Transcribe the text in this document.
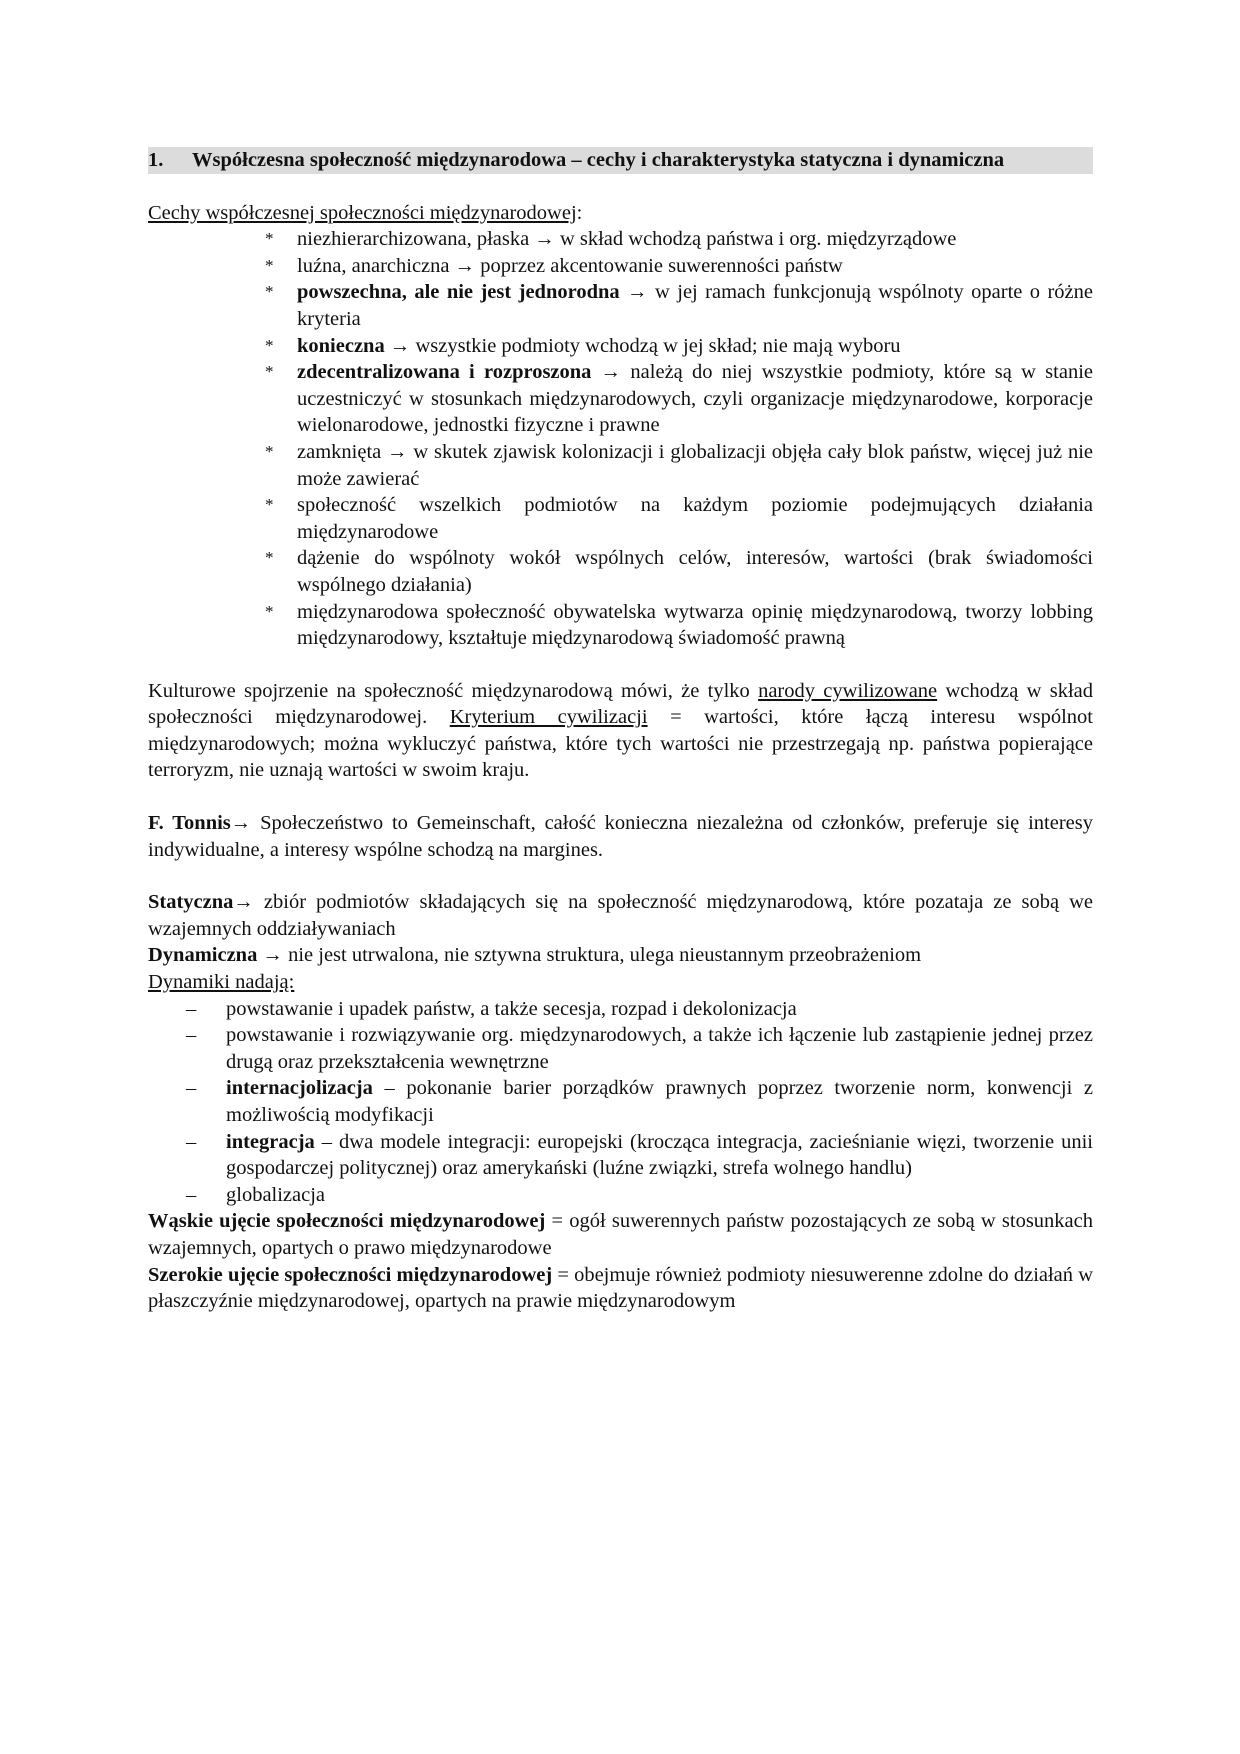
1.	Współczesna społeczność międzynarodowa – cechy i charakterystyka statyczna i dynamiczna

Cechy współczesnej społeczności międzynarodowej:

* niezhierarchizowana, płaska → w skład wchodzą państwa i org. międzyrządowe
* luźna, anarchiczna → poprzez akcentowanie suwerenności państw
* powszechna, ale nie jest jednorodna → w jej ramach funkcjonują wspólnoty oparte o różne kryteria
* konieczna → wszystkie podmioty wchodzą w jej skład; nie mają wyboru
* zdecentralizowana i rozproszona → należą do niej wszystkie podmioty, które są w stanie uczestniczyć w stosunkach międzynarodowych, czyli organizacje międzynarodowe, korporacje wielonarodowe, jednostki fizyczne i prawne
* zamknięta → w skutek zjawisk kolonizacji i globalizacji objęła cały blok państw, więcej już nie może zawierać
* społeczność wszelkich podmiotów na każdym poziomie podejmujących działania międzynarodowe
* dążenie do wspólnoty wokół wspólnych celów, interesów, wartości (brak świadomości wspólnego działania)
* międzynarodowa społeczność obywatelska wytwarza opinię międzynarodową, tworzy lobbing międzynarodowy, kształtuje międzynarodową świadomość prawną

Kulturowe spojrzenie na społeczność międzynarodową mówi, że tylko narody cywilizowane wchodzą w skład społeczności międzynarodowej. Kryterium cywilizacji = wartości, które łączą interesu wspólnot międzynarodowych; można wykluczyć państwa, które tych wartości nie przestrzegają np. państwa popierające terroryzm, nie uznają wartości w swoim kraju.

F. Tonnis→ Społeczeństwo to Gemeinschaft, całość konieczna niezależna od członków, preferuje się interesy indywidualne, a interesy wspólne schodzą na margines.

Statyczna→ zbiór podmiotów składających się na społeczność międzynarodową, które pozataja ze sobą we wzajemnych oddziaływaniach

Dynamiczna → nie jest utrwalona, nie sztywna struktura, ulega nieustannym przeobrażeniom

Dynamiki nadają:

– powstawanie i upadek państw, a także secesja, rozpad i dekolonizacja
– powstawanie i rozwiązywanie org. międzynarodowych, a także ich łączenie lub zastąpienie jednej przez drugą oraz przekształcenia wewnętrzne
– internacjolizacja – pokonanie barier porządków prawnych poprzez tworzenie norm, konwencji z możliwością modyfikacji
– integracja – dwa modele integracji: europejski (krocząca integracja, zacieśnianie więzi, tworzenie unii gospodarczej politycznej) oraz amerykański (luźne związki, strefa wolnego handlu)
– globalizacja

Wąskie ujęcie społeczności międzynarodowej = ogół suwerennych państw pozostających ze sobą w stosunkach wzajemnych, opartych o prawo międzynarodowe

Szerokie ujęcie społeczności międzynarodowej = obejmuje również podmioty niesuwerenne zdolne do działań w płaszczyźnie międzynarodowej, opartych na prawie międzynarodowym
